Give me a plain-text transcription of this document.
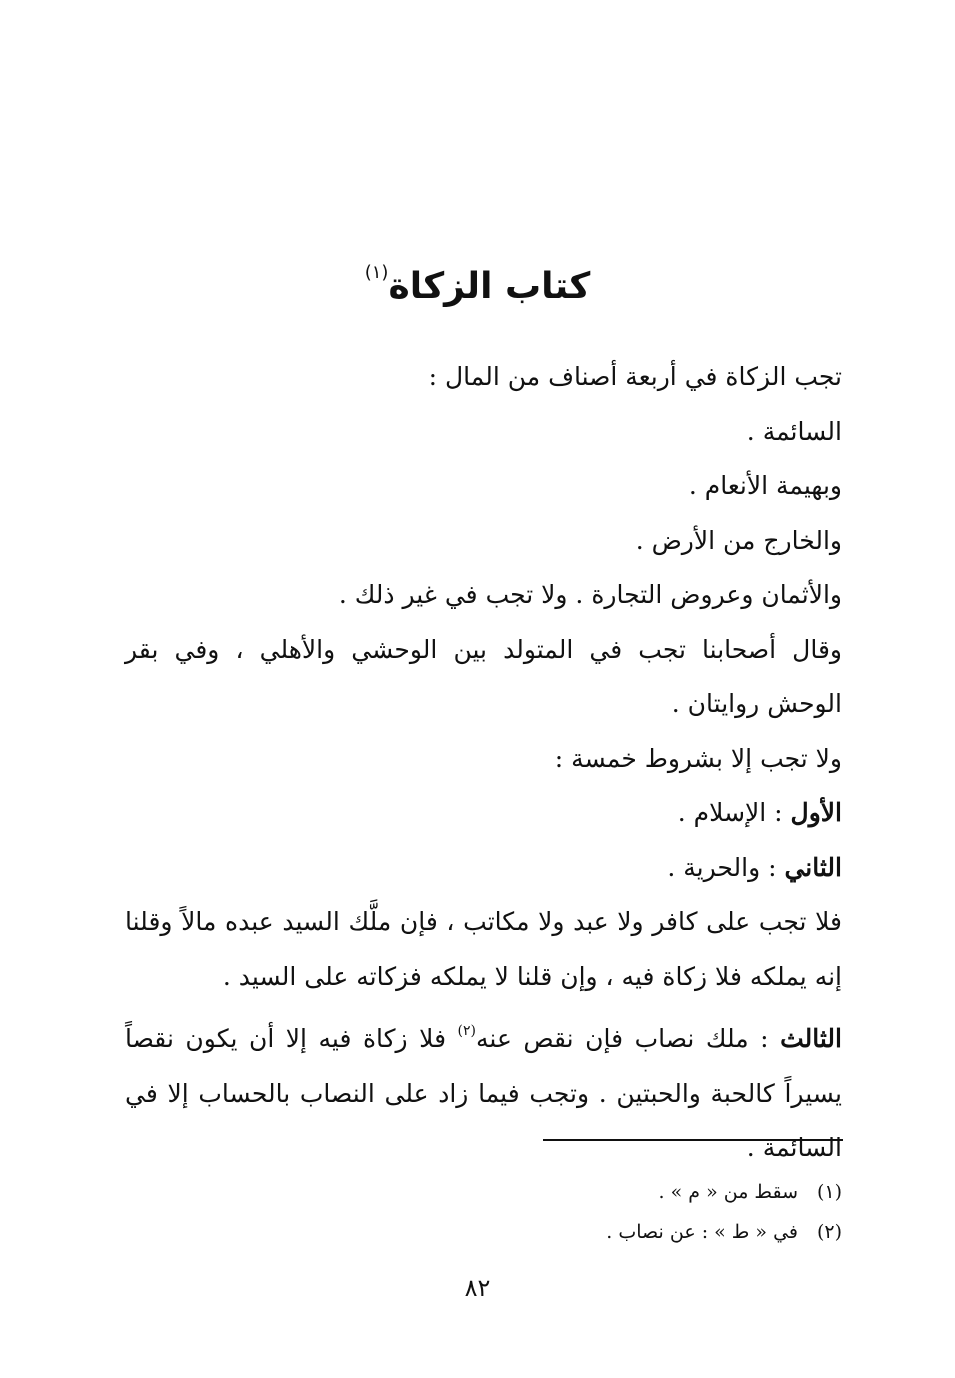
كتاب الزكاة$^{(١)}$

تجب الزكاة في أربعة أصناف من المال :

السائمة .

وبهيمة الأنعام .

والخارج من الأرض .

والأثمان وعروض التجارة . ولا تجب في غير ذلك .

وقال أصحابنا تجب في المتولد بين الوحشي والأهلي ، وفي بقر الوحش روايتان .

ولا تجب إلا بشروط خمسة :

الأول : الإسلام .

الثاني : والحرية .

فلا تجب على كافر ولا عبد ولا مكاتب ، فإن ملَّك السيد عبده مالاً وقلنا إنه يملكه فلا زكاة فيه ، وإن قلنا لا يملكه فزكاته على السيد .

الثالث : ملك نصاب فإن نقص عنه$^{(٢)}$ فلا زكاة فيه إلا أن يكون نقصاً يسيراً كالحبة والحبتين . وتجب فيما زاد على النصاب بالحساب إلا في السائمة .

(١)سقط من « م » .

(٢)في « ط » : عن نصاب .

٨٢
